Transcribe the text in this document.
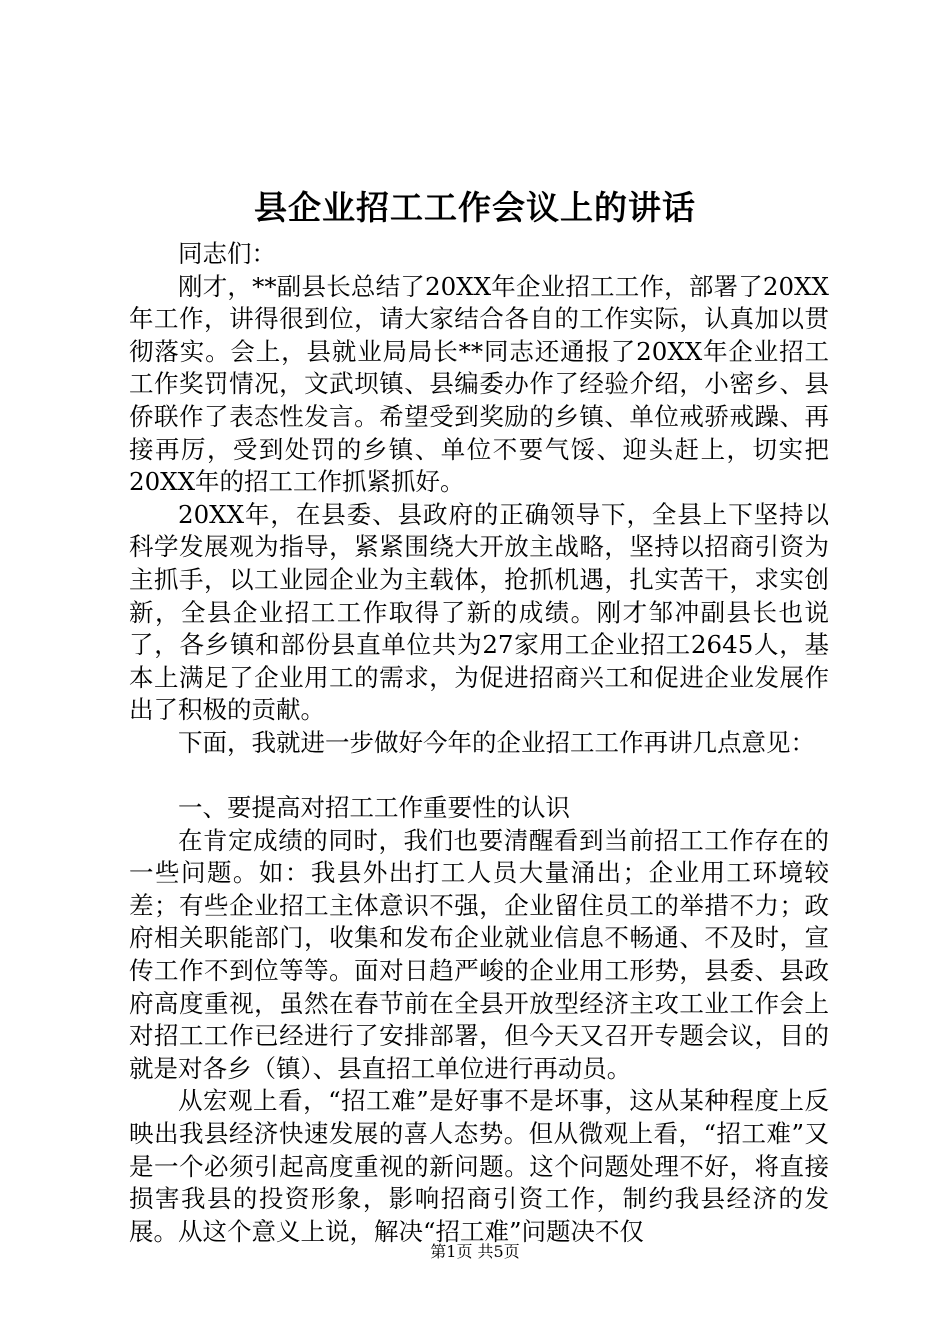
县企业招工工作会议上的讲话

同志们：

刚才，**副县长总结了20XX年企业招工工作，部署了20XX年工作，讲得很到位，请大家结合各自的工作实际，认真加以贯彻落实。会上，县就业局局长**同志还通报了20XX年企业招工工作奖罚情况，文武坝镇、县编委办作了经验介绍，小密乡、县侨联作了表态性发言。希望受到奖励的乡镇、单位戒骄戒躁、再接再厉，受到处罚的乡镇、单位不要气馁、迎头赶上，切实把20XX年的招工工作抓紧抓好。

20XX年，在县委、县政府的正确领导下，全县上下坚持以科学发展观为指导，紧紧围绕大开放主战略，坚持以招商引资为主抓手，以工业园企业为主载体，抢抓机遇，扎实苦干，求实创新，全县企业招工工作取得了新的成绩。刚才邹冲副县长也说了，各乡镇和部份县直单位共为27家用工企业招工2645人，基本上满足了企业用工的需求，为促进招商兴工和促进企业发展作出了积极的贡献。

下面，我就进一步做好今年的企业招工工作再讲几点意见：

一、要提高对招工工作重要性的认识

在肯定成绩的同时，我们也要清醒看到当前招工工作存在的一些问题。如：我县外出打工人员大量涌出；企业用工环境较差；有些企业招工主体意识不强，企业留住员工的举措不力；政府相关职能部门，收集和发布企业就业信息不畅通、不及时，宣传工作不到位等等。面对日趋严峻的企业用工形势，县委、县政府高度重视，虽然在春节前在全县开放型经济主攻工业工作会上对招工工作已经进行了安排部署，但今天又召开专题会议，目的就是对各乡（镇）、县直招工单位进行再动员。

从宏观上看，“招工难”是好事不是坏事，这从某种程度上反映出我县经济快速发展的喜人态势。但从微观上看，“招工难”又是一个必须引起高度重视的新问题。这个问题处理不好，将直接损害我县的投资形象，影响招商引资工作，制约我县经济的发展。从这个意义上说，解决“招工难”问题决不仅

第1页 共5页
